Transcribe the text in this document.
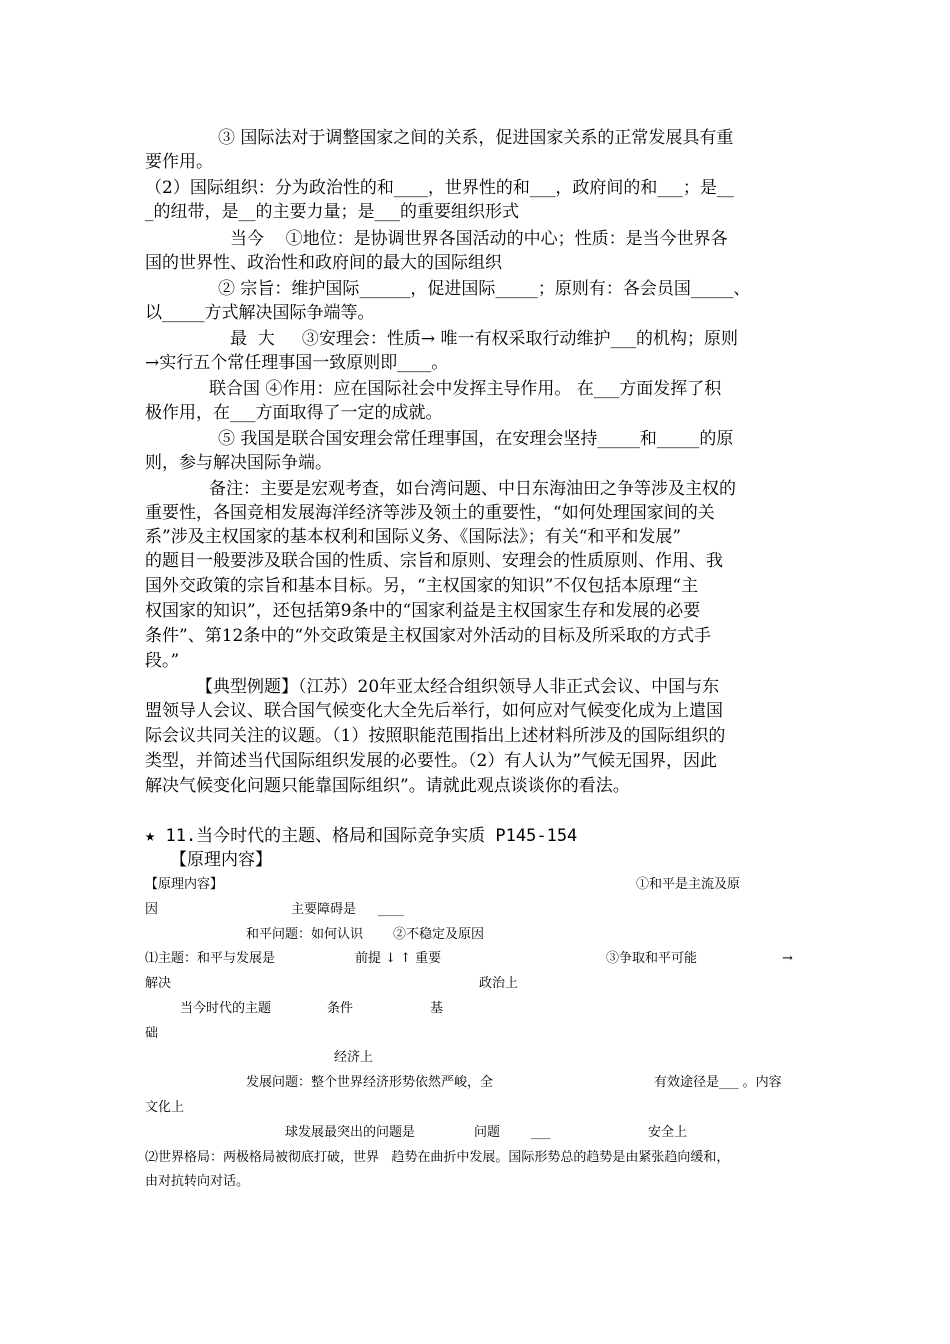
③ 国际法对于调整国家之间的关系，促进国家关系的正常发展具有重
要作用。
（2）国际组织：分为政治性的和____，世界性的和___，政府间的和___；是__
_的纽带，是__的主要力量；是___的重要组织形式
当今    ①地位：是协调世界各国活动的中心；性质：是当今世界各
国的世界性、政治性和政府间的最大的国际组织
② 宗旨：维护国际______，促进国际_____；原则有：各会员国_____、
以_____方式解决国际争端等。
最  大     ③安理会：性质→ 唯一有权采取行动维护___的机构；原则
→实行五个常任理事国一致原则即____。
联合国 ④作用：应在国际社会中发挥主导作用。 在___方面发挥了积
极作用，在___方面取得了一定的成就。
⑤ 我国是联合国安理会常任理事国，在安理会坚持_____和_____的原
则，参与解决国际争端。
备注：主要是宏观考查，如台湾问题、中日东海油田之争等涉及主权的
重要性，各国竞相发展海洋经济等涉及领土的重要性，“如何处理国家间的关
系”涉及主权国家的基本权利和国际义务、《国际法》；有关“和平和发展”
的题目一般要涉及联合国的性质、宗旨和原则、安理会的性质原则、作用、我
国外交政策的宗旨和基本目标。另，“主权国家的知识”不仅包括本原理“主
权国家的知识”，还包括第9条中的“国家利益是主权国家生存和发展的必要
条件”、第12条中的“外交政策是主权国家对外活动的目标及所采取的方式手
段。”
【典型例题】（江苏）20年亚太经合组织领导人非正式会议、中国与东
盟领导人会议、联合国气候变化大全先后举行，如何应对气候变化成为上遣国
际会议共同关注的议题。（1）按照职能范围指出上述材料所涉及的国际组织的
类型，并简述当代国际组织发展的必要性。（2）有人认为”气候无国界，因此
解决气候变化问题只能靠国际组织”。请就此观点谈谈你的看法。
★ 11.当今时代的主题、格局和国际竞争实质 P145-154
【原理内容】
【原理内容】	①和平是主流及原
因	主要障碍是 ____
和平问题：如何认识 ②不稳定及原因
⑴主题：和平与发展是	前提 ↓ ↑ 重要	③争取和平可能	→
解决	政治上
当今时代的主题	条件	基
础
经济上
发展问题：整个世界经济形势依然严峻，全	有效途径是___ 。内容
文化上
球发展最突出的问题是	问题 ___	安全上
⑵世界格局：两极格局被彻底打破，世界   趋势在曲折中发展。国际形势总的趋势是由紧张趋向缓和，
由对抗转向对话。
